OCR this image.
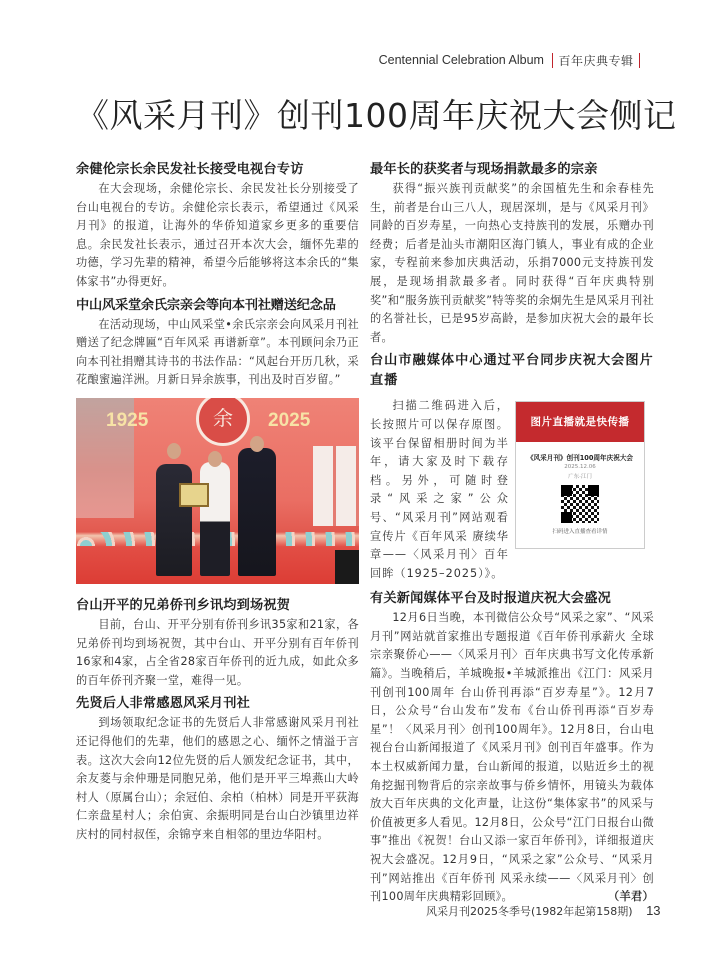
Centennial Celebration Album 百年庆典专辑
《风采月刊》创刊100周年庆祝大会侧记
余健伦宗长余民发社长接受电视台专访

在大会现场，余健伦宗长、余民发社长分别接受了台山电视台的专访。余健伦宗长表示，希望通过《风采月刊》的报道，让海外的华侨知道家乡更多的重要信息。余民发社长表示，通过召开本次大会，缅怀先辈的功德，学习先辈的精神，希望今后能够将这本余氏的“集体家书”办得更好。

中山风采堂余氏宗亲会等向本刊社赠送纪念品

在活动现场，中山风采堂•余氏宗亲会向风采月刊社赠送了纪念牌匾“百年风采 再谱新章”。本刊顾问余乃正向本刊社捐赠其诗书的书法作品：“风起台开历几秋，采花酿蜜遍洋洲。月新日异余族事，刊出及时百岁留。”

1925	余	2025
台山开平的兄弟侨刊乡讯均到场祝贺

目前，台山、开平分别有侨刊乡讯35家和21家，各兄弟侨刊均到场祝贺，其中台山、开平分别有百年侨刊16家和4家，占全省28家百年侨刊的近九成，如此众多的百年侨刊齐聚一堂，难得一见。

先贤后人非常感恩风采月刊社

到场领取纪念证书的先贤后人非常感谢风采月刊社还记得他们的先辈，他们的感恩之心、缅怀之情溢于言表。这次大会向12位先贤的后人颁发纪念证书，其中，余友菱与余仲珊是同胞兄弟，他们是开平三埠燕山大岭村人（原属台山）；余冠伯、余柏（柏林）同是开平荻海仁亲盘星村人；余伯寅、余振明同是台山白沙镇里边祥庆村的同村叔侄，余锦亨来自相邻的里边华阳村。

最年长的获奖者与现场捐款最多的宗亲

获得“振兴族刊贡献奖”的余国植先生和余春桂先生，前者是台山三八人，现居深圳，是与《风采月刊》同龄的百岁寿星，一向热心支持族刊的发展，乐赠办刊经费；后者是汕头市潮阳区海门镇人，事业有成的企业家，专程前来参加庆典活动，乐捐7000元支持族刊发展，是现场捐款最多者。同时获得“百年庆典特别奖”和“服务族刊贡献奖”特等奖的余炯先生是风采月刊社的名誉社长，已是95岁高龄，是参加庆祝大会的最年长者。

台山市融媒体中心通过平台同步庆祝大会图片直播

扫描二维码进入后，长按照片可以保存原图。该平台保留相册时间为半年，请大家及时下载存档。另外，可随时登录“风采之家”公众号、“风采月刊”网站观看宣传片《百年风采 赓续华章——〈风采月刊〉百年回眸（1925–2025）》。

图片直播就是快传播
《风采月刊》创刊100周年庆祝大会
2025.12.06
广东·江门
扫码进入直播查看详情
有关新闻媒体平台及时报道庆祝大会盛况

12月6日当晚，本刊微信公众号“风采之家”、“风采月刊”网站就首家推出专题报道《百年侨刊承薪火 全球宗亲聚侨心——〈风采月刊〉百年庆典书写文化传承新篇》。当晚稍后，羊城晚报•羊城派推出《江门：风采月刊创刊100周年 台山侨刊再添“百岁寿星”》。12月7日，公众号“台山发布”发布《台山侨刊再添“百岁寿星”！〈风采月刊〉创刊100周年》。12月8日，台山电视台台山新闻报道了《风采月刊》创刊百年盛事。作为本土权威新闻力量，台山新闻的报道，以贴近乡土的视角挖掘刊物背后的宗亲故事与侨乡情怀，用镜头为载体放大百年庆典的文化声量，让这份“集体家书”的风采与价值被更多人看见。12月8日，公众号“江门日报台山微事”推出《祝贺！台山又添一家百年侨刊》，详细报道庆祝大会盛况。12月9日，“风采之家”公众号、“风采月刊”网站推出《百年侨刊 风采永续——〈风采月刊〉创刊100周年庆典精彩回顾》。	（羊君）

风采月刊2025冬季号(1982年起第158期) 13
